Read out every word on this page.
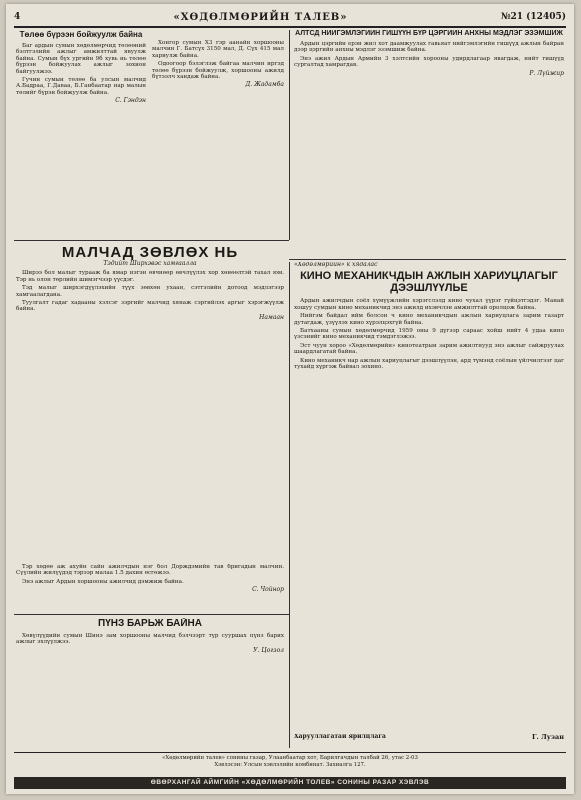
4	«ХӨДӨЛМӨРИЙН ТАЛЕВ»	№21 (12405)
Төлөө бүрээн бойжуулж байна

Баг ардын сумын хөдөлмөрчид төлөөний бэлтгэлийн ажлыг амжилттай явуулж байна. Сумын бүх ургийн 9б хувь нь төлөө бүрээн бойжуулах ажлыг зохион байгуулжээ.

Гучин сумын төлөө ба улсын малчид А.Бадраа, Г.Даваа, Б.Ганбаатар нар малын төлийг бүрэн бойжуулж байна.

С. Гэндэн

Хонгор сумын Х3 гэр аанайн хоршооны малчин Г. Батсүх 3150 мал, Д. Сүх 415 мал хариулж байна.

Одоогоор бэлэглэж байгаа малчин иргэд төлөө бүрээн бойжуулж, хоршооны ажилд бүтээлч хандаж байна.

Д. Жадамба
АЛТСД НИЙГЭМЛЭГИЙН ГИШҮҮН БҮР ЦЭРГИЙН АНХНЫ МЭДЛЭГ ЭЗЭМШИЖ

Ардын цэргийн ерэн жил хот даамжуулах гавьяат нийгэмлэгийн гишүүд ажлын байран дээр цэргийн анхны мэдлэг эзэмшиж байна.

Энэ ажил Ардын Армийн 3 хэлтсийн хорооны удирдлагаар явагдаж, нийт гишүүд сургалтад хамрагдав.

Р. Лүйжир
МАЛЧАД ЗӨВЛӨХ НЬ
Тэдийт Ширхэвэс хамгаалла

Ширээ бол малыг турааж ба ямар нэгэн өвчнөөр өвчлүүлэх хор хөнөөлтэй тахал юм. Тэр нь олон төрлийн шимэгчээр үүсдэг.

Тэд малыг ширхэгдүүлэхийн түүх зөвхөн ухаан, сэтгэлийн дотоод мэдлэгээр хамгаалагдана.

Туулгалт гадаг хадааны хэлсэг зэргийг малчид хянаж сэргийлэх аргыг хэрэгжүүлж байна.

Намаан
«Хөдөлмөрийн» к хядалас
КИНО МЕХАНИКЧДЫН АЖЛЫН ХАРИУЦЛАГЫГ ДЭЭШЛҮҮЛЬЕ

Ардын ажилчдын соёл хүмүүжлийн хэрэгслэлд кино чухал үүрэг гүйцэтгэдэг. Манай хошуу сумдын кино механикчид энэ ажилд ихэвчлэн амжилттай оролцож байна.

Нийгэм байдал ийм болсон ч кино механикчдын ажлын хариуцлага зарим газарт дутагдаж, үзүүлэх кино хүрэлцэхгүй байна.

Батхааны сумын хөдөлмөрчид 1959 оны 9 дүгээр сараас хойш нийт 4 удаа кино үзсэнийг кино механикчид тэмдэглэжээ.

Эст чуун хороо «Хөдөлмөрийн» кинотеатрын зарим ажилтнууд энэ ажлыг сайжруулах шаардлагатай байна.

Кино механикч нар ажлын хариуцлагыг дээшлүүлэн, ард түмэнд соёлын үйлчилгээг цаг тухайд хүргэж байвал зохино.

Тэр хөдөө аж ахуйн сайн ажилчдын нэг бол Дорждэмийн тав бригадын малчин. Сүүлийн жилүүдэд тэрээр малаа 1.5 дахин өсгөжээ.

Энэ ажлыг Ардын хоршооны ажилчид дэмжиж байна.

С. Чойнор
ПҮНЗ БАРЬЖ БАЙНА

Хөвүлүүдийн сумын Шинэ зам хоршооны малчид бэлчээрт түр сууршах пүнз барих ажлыг эхлүүлжээ.

У. Цогзол
Харууллагатай ярилцлага	Г. Лузан
«Хөдөлмөрийн талев» сонины газар, Улаанбаатар хот, Барилгачдын талбай 26, утас 2-03
Хэвлэсэн: Улсын хэвлэлийн комбинат. Захиалга 127.
ӨВӨРХАНГАЙ АЙМГИЙН «ХӨДӨЛМӨРИЙН ТОЛЕВ» СОНИНЫ РАЗАР ХЭВЛЭВ
